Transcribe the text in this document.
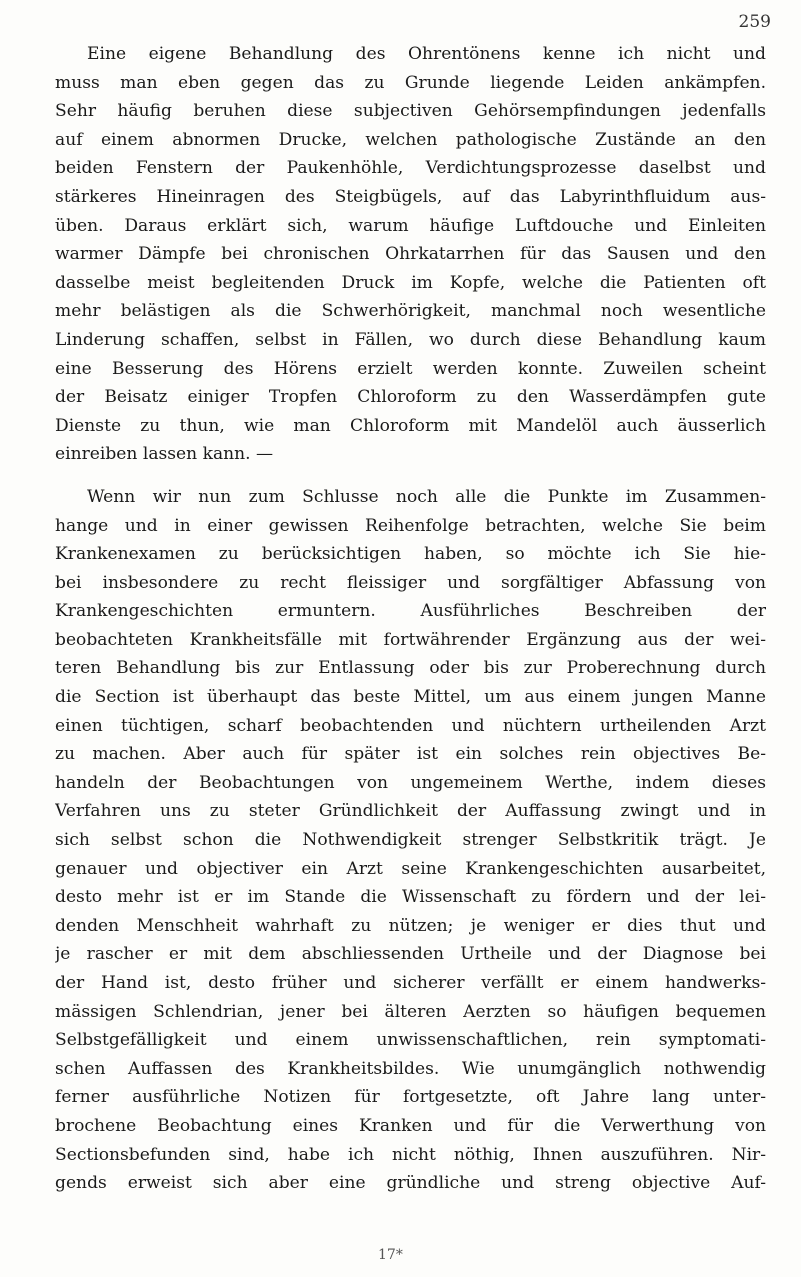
259
Eine eigene Behandlung des Ohrentönens kenne ich nicht und
muss man eben gegen das zu Grunde liegende Leiden ankämpfen.
Sehr häufig beruhen diese subjectiven Gehörsempfindungen jedenfalls
auf einem abnormen Drucke, welchen pathologische Zustände an den
beiden Fenstern der Paukenhöhle, Verdichtungsprozesse daselbst und
stärkeres Hineinragen des Steigbügels, auf das Labyrinthfluidum aus-
üben. Daraus erklärt sich, warum häufige Luftdouche und Einleiten
warmer Dämpfe bei chronischen Ohrkatarrhen für das Sausen und den
dasselbe meist begleitenden Druck im Kopfe, welche die Patienten oft
mehr belästigen als die Schwerhörigkeit, manchmal noch wesentliche
Linderung schaffen, selbst in Fällen, wo durch diese Behandlung kaum
eine Besserung des Hörens erzielt werden konnte. Zuweilen scheint
der Beisatz einiger Tropfen Chloroform zu den Wasserdämpfen gute
Dienste zu thun, wie man Chloroform mit Mandelöl auch äusserlich
einreiben lassen kann. —
Wenn wir nun zum Schlusse noch alle die Punkte im Zusammen-
hange und in einer gewissen Reihenfolge betrachten, welche Sie beim
Krankenexamen zu berücksichtigen haben, so möchte ich Sie hie-
bei insbesondere zu recht fleissiger und sorgfältiger Abfassung von
Krankengeschichten ermuntern. Ausführliches Beschreiben der
beobachteten Krankheitsfälle mit fortwährender Ergänzung aus der wei-
teren Behandlung bis zur Entlassung oder bis zur Proberechnung durch
die Section ist überhaupt das beste Mittel, um aus einem jungen Manne
einen tüchtigen, scharf beobachtenden und nüchtern urtheilenden Arzt
zu machen. Aber auch für später ist ein solches rein objectives Be-
handeln der Beobachtungen von ungemeinem Werthe, indem dieses
Verfahren uns zu steter Gründlichkeit der Auffassung zwingt und in
sich selbst schon die Nothwendigkeit strenger Selbstkritik trägt. Je
genauer und objectiver ein Arzt seine Krankengeschichten ausarbeitet,
desto mehr ist er im Stande die Wissenschaft zu fördern und der lei-
denden Menschheit wahrhaft zu nützen; je weniger er dies thut und
je rascher er mit dem abschliessenden Urtheile und der Diagnose bei
der Hand ist, desto früher und sicherer verfällt er einem handwerks-
mässigen Schlendrian, jener bei älteren Aerzten so häufigen bequemen
Selbstgefälligkeit und einem unwissenschaftlichen, rein symptomati-
schen Auffassen des Krankheitsbildes. Wie unumgänglich nothwendig
ferner ausführliche Notizen für fortgesetzte, oft Jahre lang unter-
brochene Beobachtung eines Kranken und für die Verwerthung von
Sectionsbefunden sind, habe ich nicht nöthig, Ihnen auszuführen. Nir-
gends erweist sich aber eine gründliche und streng objective Auf-
17*
